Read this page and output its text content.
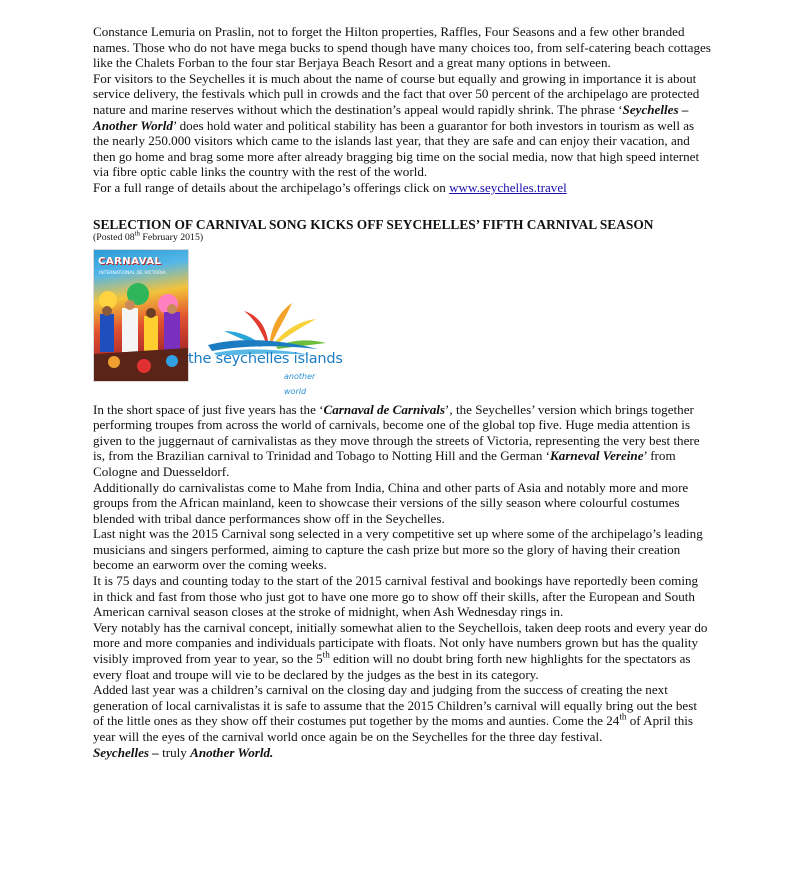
Constance Lemuria on Praslin, not to forget the Hilton properties, Raffles, Four Seasons and a few other branded names. Those who do not have mega bucks to spend though have many choices too, from self-catering beach cottages like the Chalets Forban to the four star Berjaya Beach Resort and a great many options in between.

For visitors to the Seychelles it is much about the name of course but equally and growing in importance it is about service delivery, the festivals which pull in crowds and the fact that over 50 percent of the archipelago are protected nature and marine reserves without which the destination’s appeal would rapidly shrink. The phrase ‘Seychelles – Another World’ does hold water and political stability has been a guarantor for both investors in tourism as well as the nearly 250.000 visitors which came to the islands last year, that they are safe and can enjoy their vacation, and then go home and brag some more after already bragging big time on the social media, now that high speed internet via fibre optic cable links the country with the rest of the world.

For a full range of details about the archipelago’s offerings click on www.seychelles.travel

SELECTION OF CARNIVAL SONG KICKS OFF SEYCHELLES’ FIFTH CARNIVAL SEASON

(Posted 08th February 2015)

CARNAVAL
INTERNATIONAL DE VICTORIA
the seychelles islands
another world

In the short space of just five years has the ‘Carnaval de Carnivals’, the Seychelles’ version which brings together performing troupes from across the world of carnivals, become one of the global top five. Huge media attention is given to the juggernaut of carnivalistas as they move through the streets of Victoria, representing the very best there is, from the Brazilian carnival to Trinidad and Tobago to Notting Hill and the German ‘Karneval Vereine’ from Cologne and Duesseldorf.

Additionally do carnivalistas come to Mahe from India, China and other parts of Asia and notably more and more groups from the African mainland, keen to showcase their versions of the silly season where colourful costumes blended with tribal dance performances show off in the Seychelles.

Last night was the 2015 Carnival song selected in a very competitive set up where some of the archipelago’s leading musicians and singers performed, aiming to capture the cash prize but more so the glory of having their creation become an earworm over the coming weeks.

It is 75 days and counting today to the start of the 2015 carnival festival and bookings have reportedly been coming in thick and fast from those who just got to have one more go to show off their skills, after the European and South American carnival season closes at the stroke of midnight, when Ash Wednesday rings in.

Very notably has the carnival concept, initially somewhat alien to the Seychellois, taken deep roots and every year do more and more companies and individuals participate with floats. Not only have numbers grown but has the quality visibly improved from year to year, so the 5th edition will no doubt bring forth new highlights for the spectators as every float and troupe will vie to be declared by the judges as the best in its category.

Added last year was a children’s carnival on the closing day and judging from the success of creating the next generation of local carnivalistas it is safe to assume that the 2015 Children’s carnival will equally bring out the best of the little ones as they show off their costumes put together by the moms and aunties. Come the 24th of April this year will the eyes of the carnival world once again be on the Seychelles for the three day festival.

Seychelles – truly Another World.
